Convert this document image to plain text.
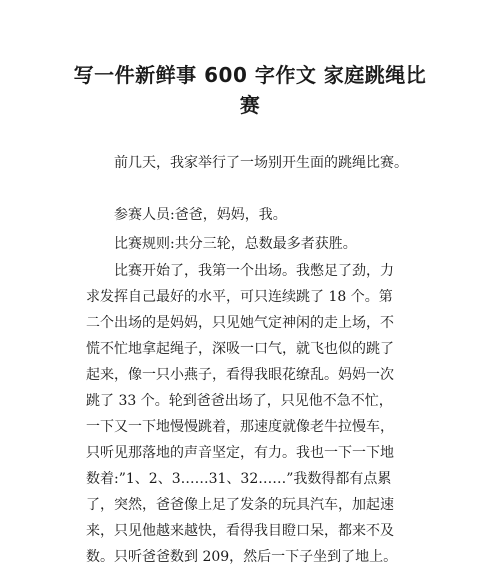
写一件新鲜事 600 字作文 家庭跳绳比
赛
前几天，我家举行了一场别开生面的跳绳比赛。
参赛人员:爸爸，妈妈，我。
比赛规则:共分三轮，总数最多者获胜。
比赛开始了，我第一个出场。我憋足了劲，力
求发挥自己最好的水平，可只连续跳了 18 个。第
二个出场的是妈妈，只见她气定神闲的走上场，不
慌不忙地拿起绳子，深吸一口气，就飞也似的跳了
起来，像一只小燕子，看得我眼花缭乱。妈妈一次
跳了 33 个。轮到爸爸出场了，只见他不急不忙，
一下又一下地慢慢跳着，那速度就像老牛拉慢车，
只听见那落地的声音坚定，有力。我也一下一下地
数着:”1、2、3……31、32……”我数得都有点累
了，突然，爸爸像上足了发条的玩具汽车，加起速
来，只见他越来越快，看得我目瞪口呆，都来不及
数。只听爸爸数到 209，然后一下子坐到了地上。
